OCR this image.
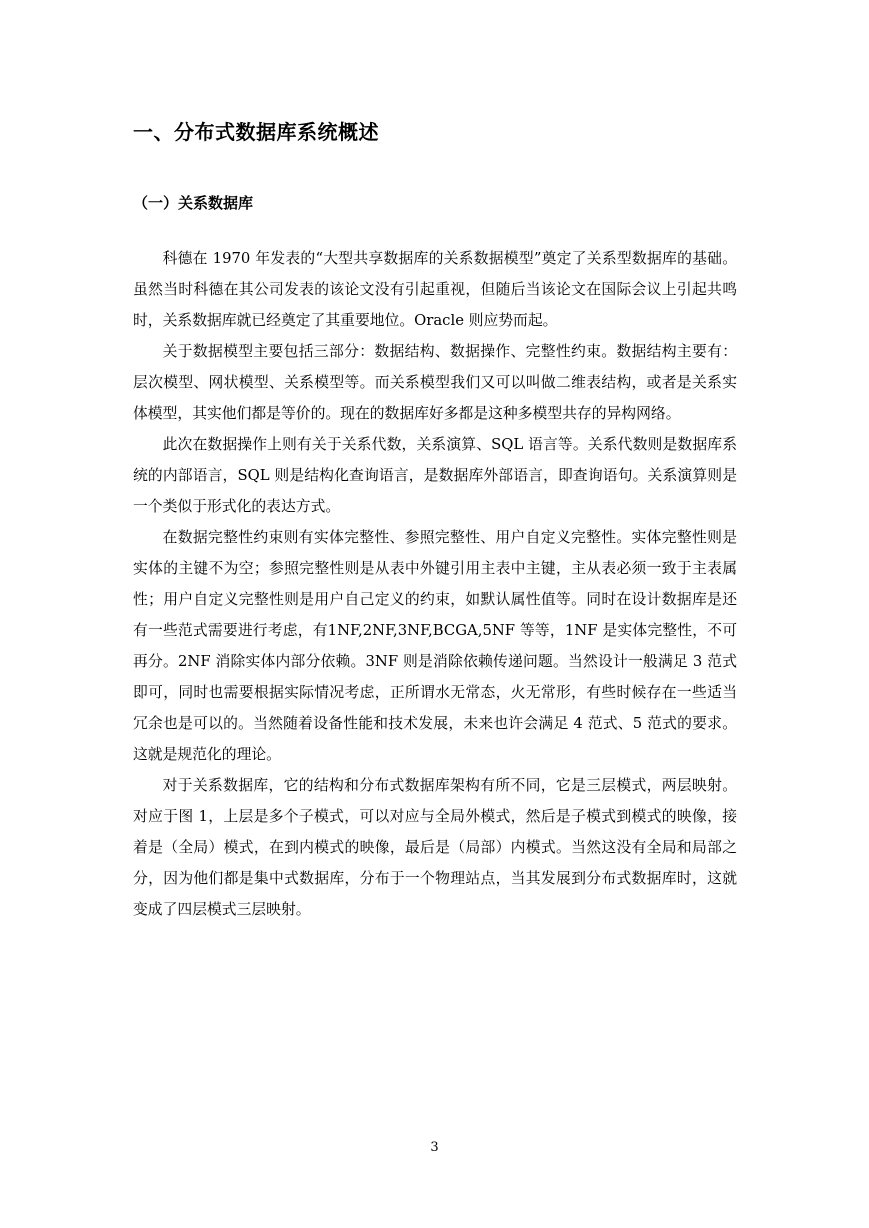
一、分布式数据库系统概述
（一）关系数据库

科德在 1970 年发表的“大型共享数据库的关系数据模型”奠定了关系型数据库的基础。虽然当时科德在其公司发表的该论文没有引起重视，但随后当该论文在国际会议上引起共鸣时，关系数据库就已经奠定了其重要地位。Oracle 则应势而起。

关于数据模型主要包括三部分：数据结构、数据操作、完整性约束。数据结构主要有：层次模型、网状模型、关系模型等。而关系模型我们又可以叫做二维表结构，或者是关系实体模型，其实他们都是等价的。现在的数据库好多都是这种多模型共存的异构网络。

此次在数据操作上则有关于关系代数，关系演算、SQL 语言等。关系代数则是数据库系统的内部语言，SQL 则是结构化查询语言，是数据库外部语言，即查询语句。关系演算则是一个类似于形式化的表达方式。

在数据完整性约束则有实体完整性、参照完整性、用户自定义完整性。实体完整性则是实体的主键不为空；参照完整性则是从表中外键引用主表中主键，主从表必须一致于主表属性；用户自定义完整性则是用户自己定义的约束，如默认属性值等。同时在设计数据库是还有一些范式需要进行考虑，有1NF,2NF,3NF,BCGA,5NF 等等，1NF 是实体完整性，不可再分。2NF 消除实体内部分依赖。3NF 则是消除依赖传递问题。当然设计一般满足 3 范式即可，同时也需要根据实际情况考虑，正所谓水无常态，火无常形，有些时候存在一些适当冗余也是可以的。当然随着设备性能和技术发展，未来也许会满足 4 范式、5 范式的要求。这就是规范化的理论。

对于关系数据库，它的结构和分布式数据库架构有所不同，它是三层模式，两层映射。对应于图 1，上层是多个子模式，可以对应与全局外模式，然后是子模式到模式的映像，接着是（全局）模式，在到内模式的映像，最后是（局部）内模式。当然这没有全局和局部之分，因为他们都是集中式数据库，分布于一个物理站点，当其发展到分布式数据库时，这就变成了四层模式三层映射。

3
